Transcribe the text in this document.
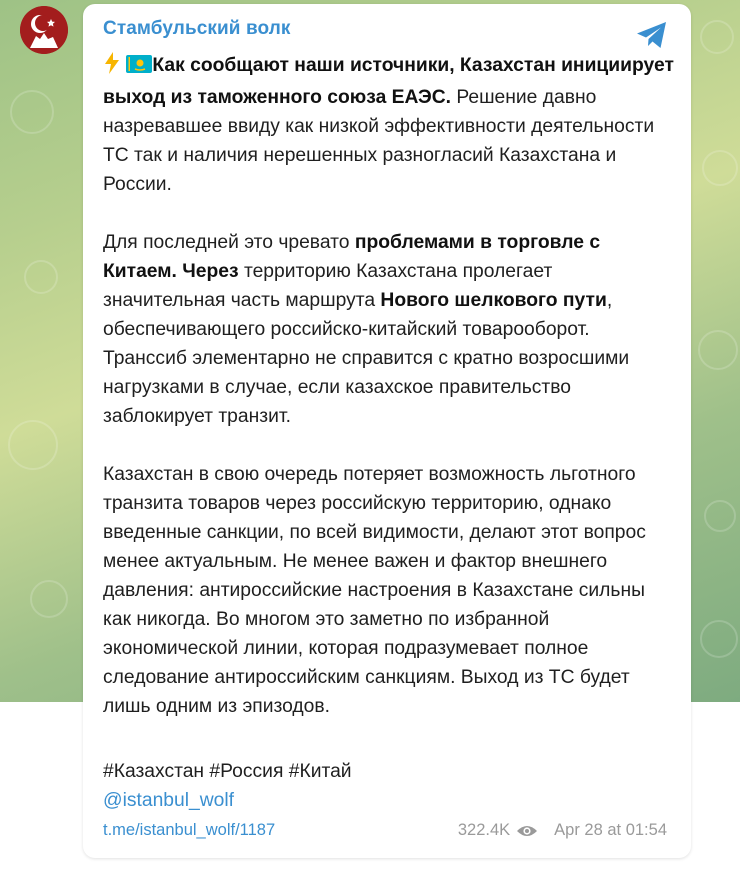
Стамбульский волк

Как сообщают наши источники, Казахстан инициирует выход из таможенного союза ЕАЭС. Решение давно назревавшее ввиду как низкой эффективности деятельности ТС так и наличия нерешенных разногласий Казахстана и России.

Для последней это чревато проблемами в торговле с Китаем. Через территорию Казахстана пролегает значительная часть маршрута Нового шелкового пути, обеспечивающего российско-китайский товарооборот. Транссиб элементарно не справится с кратно возросшими нагрузками в случае, если казахское правительство заблокирует транзит.

Казахстан в свою очередь потеряет возможность льготного транзита товаров через российскую территорию, однако введенные санкции, по всей видимости, делают этот вопрос менее актуальным. Не менее важен и фактор внешнего давления: антироссийские настроения в Казахстане сильны как никогда. Во многом это заметно по избранной экономической линии, которая подразумевает полное следование антироссийским санкциям. Выход из ТС будет лишь одним из эпизодов.

#Казахстан #Россия #Китай
@istanbul_wolf
t.me/istanbul_wolf/1187	322.4K	Apr 28 at 01:54
